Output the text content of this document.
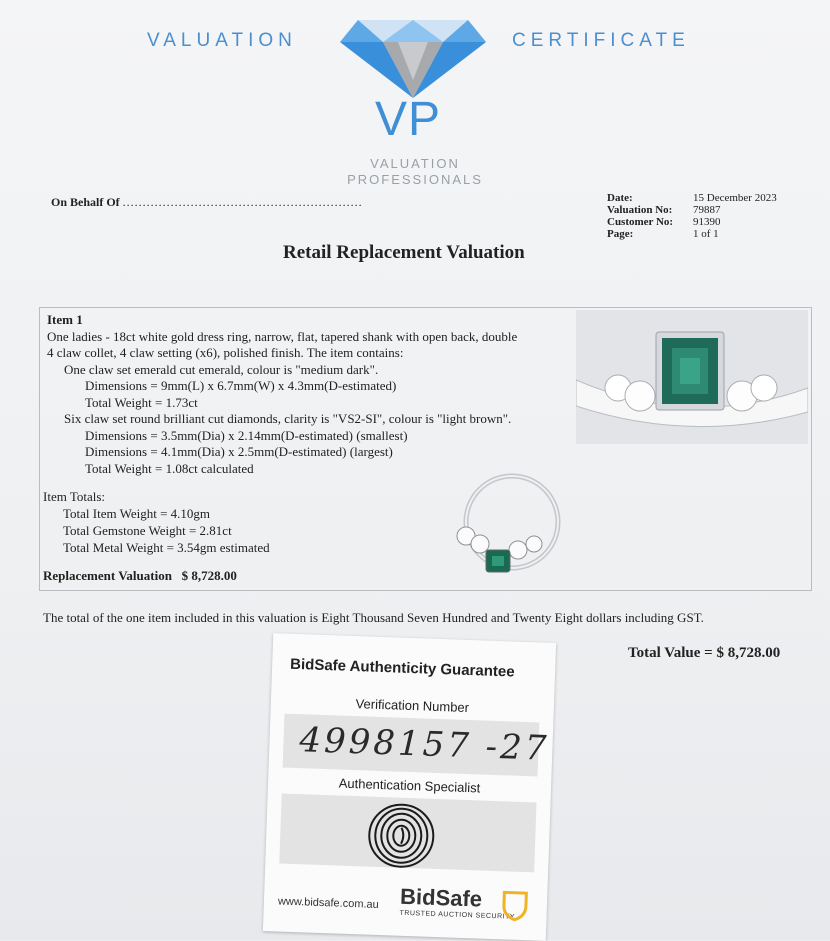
VALUATION
VP
VALUATION
PROFESSIONALS
CERTIFICATE
On Behalf Of ............................................................	Date:	15 December 2023
Valuation No:	79887
Customer No:	91390
Page:	1 of 1
Retail Replacement Valuation
Item 1
One ladies - 18ct white gold dress ring, narrow, flat, tapered shank with open back, double
4 claw collet, 4 claw setting (x6), polished finish. The item contains:
One claw set emerald cut emerald, colour is "medium dark".
Dimensions = 9mm(L) x 6.7mm(W) x 4.3mm(D-estimated)
Total Weight = 1.73ct
Six claw set round brilliant cut diamonds, clarity is "VS2-SI", colour is "light brown".
Dimensions = 3.5mm(Dia) x 2.14mm(D-estimated) (smallest)
Dimensions = 4.1mm(Dia) x 2.5mm(D-estimated) (largest)
Total Weight = 1.08ct calculated
Item Totals:
Total Item Weight = 4.10gm
Total Gemstone Weight = 2.81ct
Total Metal Weight = 3.54gm estimated
Replacement Valuation $ 8,728.00
The total of the one item included in this valuation is Eight Thousand Seven Hundred and Twenty Eight dollars including GST.
Total Value = $ 8,728.00
BidSafe Authenticity Guarantee
Verification Number
4998157 -27
Authentication Specialist
www.bidsafe.com.au BidSafe
TRUSTED AUCTION SECURITY
